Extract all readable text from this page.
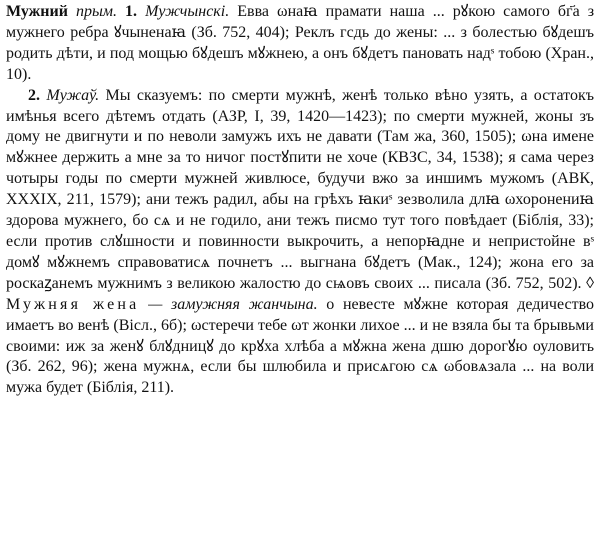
Мужний прым. 1. Мужчынскі. Евва ωнаꙗ прамати наша ... рꙋкою самого бг҃а з мужнего ребра ꙋчыненаꙗ (Зб. 752, 404); Реклъ гсдь до жены: ... з болестью бꙋдешъ родить дѣти, и под мощью бꙋдешъ мꙋжнею, а онъ бꙋдетъ пановать надˢ тобою (Хран., 10).

2. Мужаў. Мы сказуемъ: по смерти мужнѣ, женѣ только вѣно узять, а остатокъ имѣнья всего дѣтемъ отдать (АЗР, I, 39, 1420—1423); по смерти мужней, жоны зъ дому не двигнути и по неволи замужъ ихъ не давати (Там жа, 360, 1505); ωна имене мꙋжнее держить а мне за то ничог постꙋпити не хоче (КВЗС, 34, 1538); я сама через чотыры годы по смерти мужней живлюсе, будучи вжо за иншимъ мужомъ (АВК, XXXIX, 211, 1579); ани тежъ радил, абы на грѣхъ ꙗкиˢ зезволила длꙗ ωхоронениꙗ здорова мужнего, бо сѧ и не годило, ани тежъ писмо тут того повѣдает (Біблія, 33); если против слꙋшности и повинности выкрочить, а непорꙗдне и непристойне вˢ домꙋ мꙋжнемъ справоватисѧ почнетъ ... выгнана бꙋдетъ (Мак., 124); жона его за роскаꙁанемъ мужнимъ з великою жалостю до сѩовъ своих ... писала (Зб. 752, 502). ◊ Мужняя жена — замужняя жанчына. о невесте мꙋжне которая дедичество имаетъ во венѣ (Вісл., 6б); ωстеречи тебе ωт жонки лихое ... и не взяла бы та брывьми своими: иж за женꙋ блꙋдницꙋ до крꙋха хлѣба а мꙋжна жена дшю дорогꙋю оуловить (Зб. 262, 96); жена мужнѧ, если бы шлюбила и присѧгою сѧ ωбовѧзала ... на воли мужа будет (Біблія, 211).
